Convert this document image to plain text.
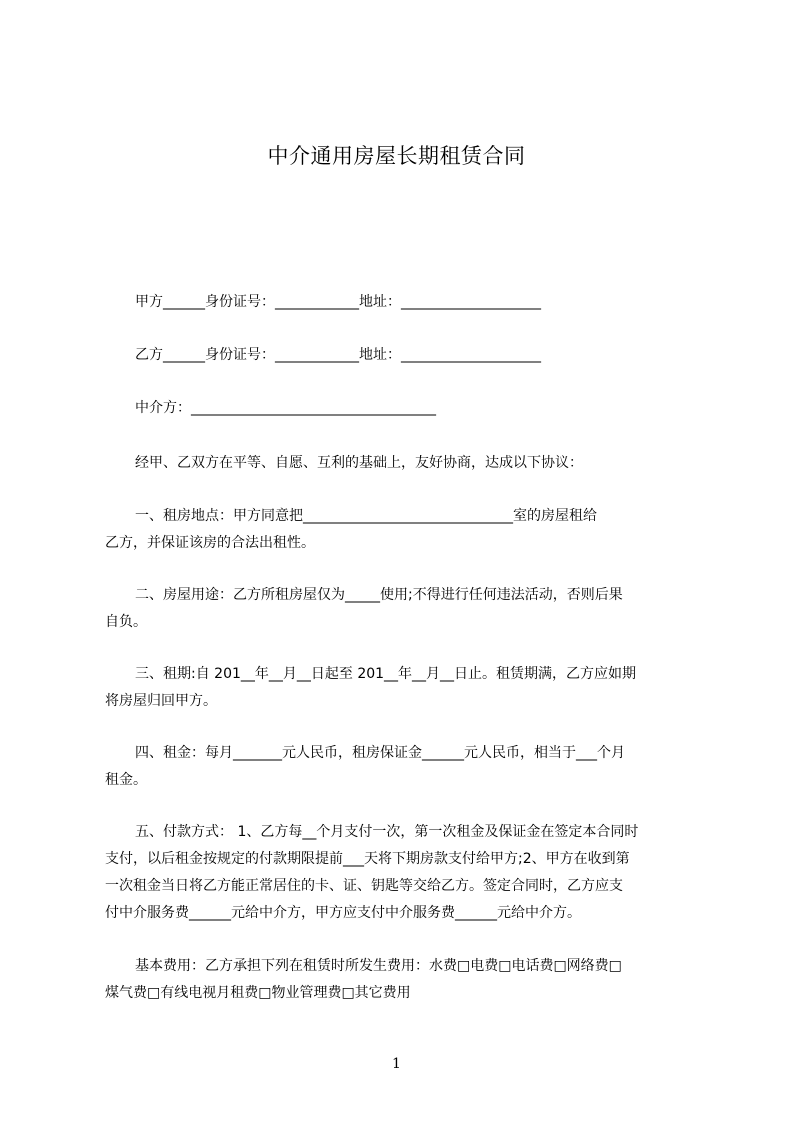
中介通用房屋长期租赁合同
甲方______身份证号：____________地址：____________________
乙方______身份证号：____________地址：____________________
中介方：___________________________________
经甲、乙双方在平等、自愿、互利的基础上，友好协商，达成以下协议：
一、租房地点：甲方同意把______________________________室的房屋租给
乙方，并保证该房的合法出租性。
二、房屋用途：乙方所租房屋仅为_____使用;不得进行任何违法活动，否则后果
自负。
三、租期:自 201__年__月__日起至 201__年__月__日止。租赁期满，乙方应如期
将房屋归回甲方。
四、租金：每月_______元人民币，租房保证金______元人民币，相当于___个月
租金。
五、付款方式： 1、乙方每__个月支付一次，第一次租金及保证金在签定本合同时
支付，以后租金按规定的付款期限提前___天将下期房款支付给甲方;2、甲方在收到第
一次租金当日将乙方能正常居住的卡、证、钥匙等交给乙方。签定合同时，乙方应支
付中介服务费______元给中介方，甲方应支付中介服务费______元给中介方。
基本费用：乙方承担下列在租赁时所发生费用：水费□电费□电话费□网络费□
煤气费□有线电视月租费□物业管理费□其它费用
1
